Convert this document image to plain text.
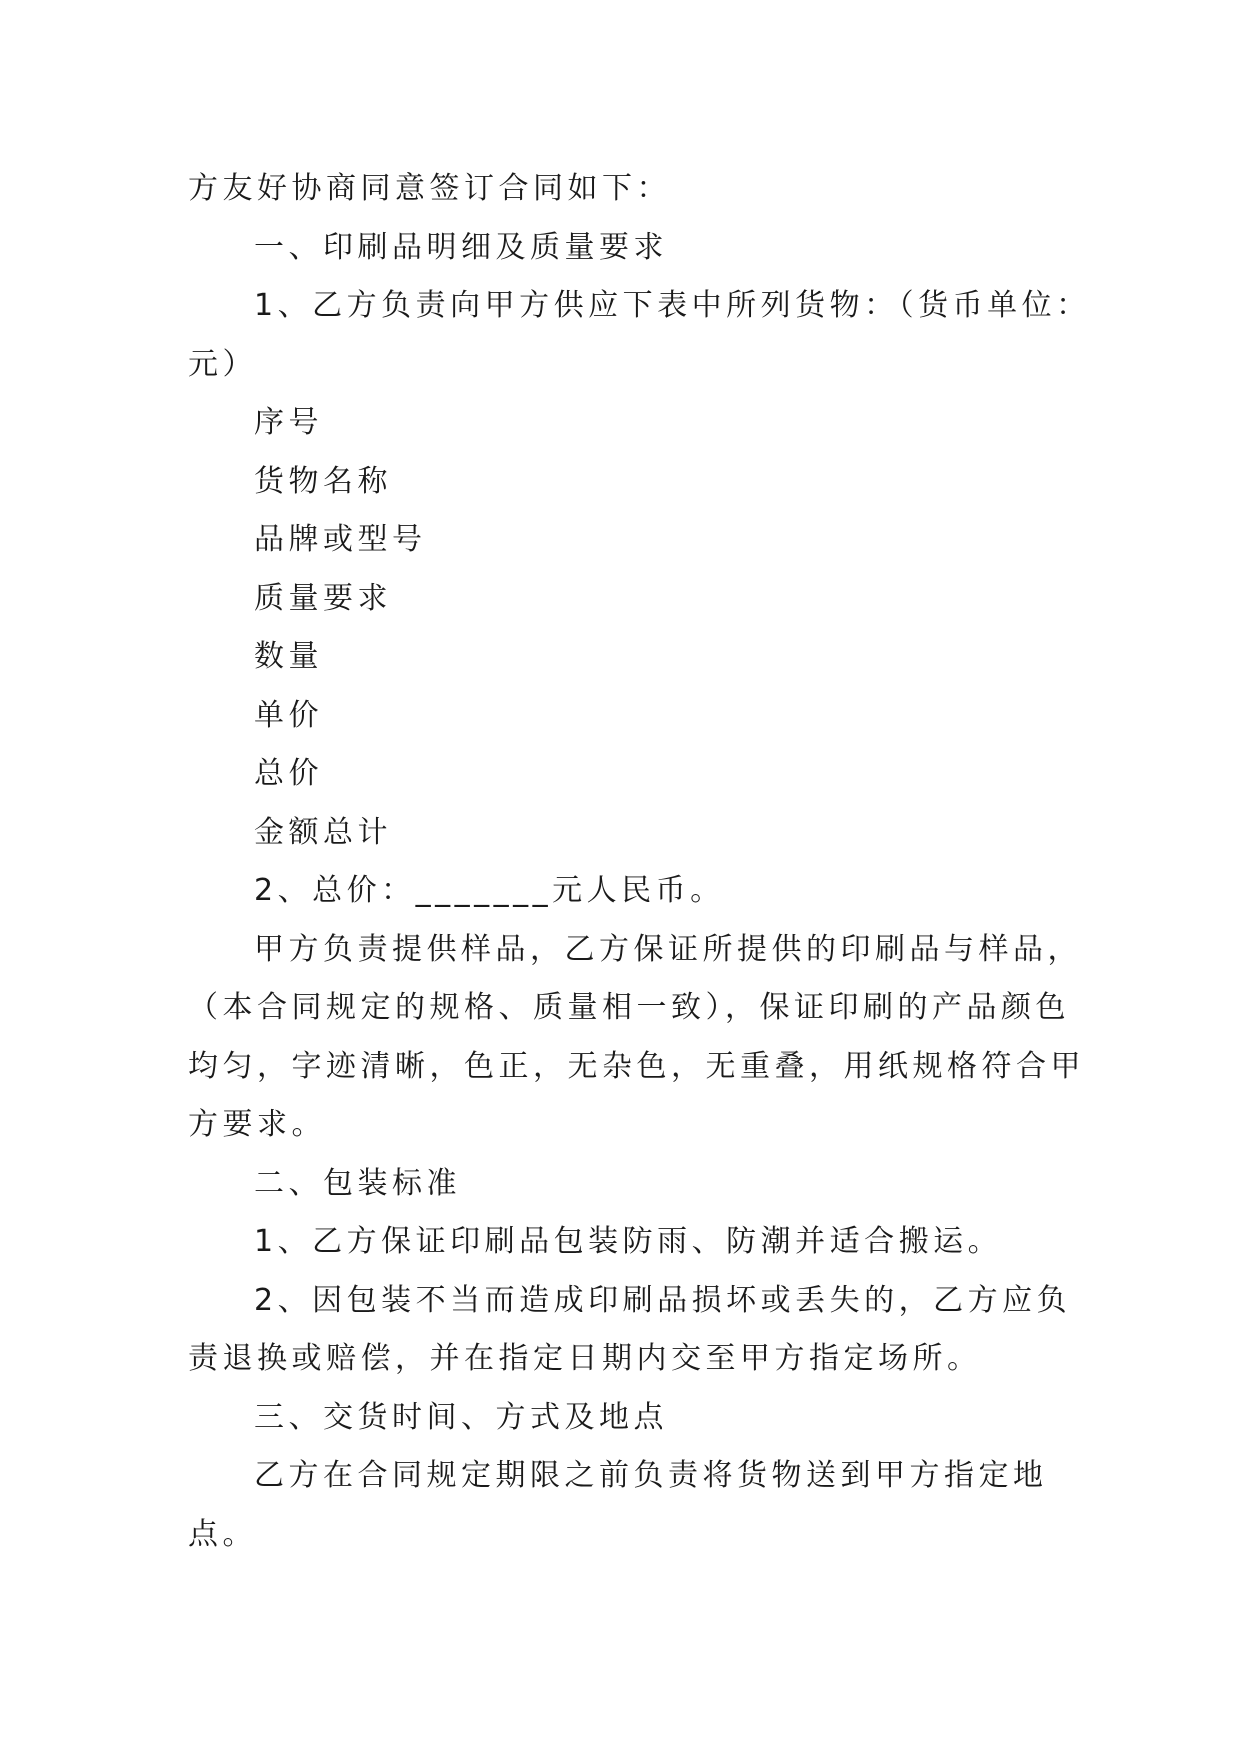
方友好协商同意签订合同如下：

一、印刷品明细及质量要求

1、乙方负责向甲方供应下表中所列货物：（货币单位：

元）

序号

货物名称

品牌或型号

质量要求

数量

单价

总价

金额总计

2、总价：_______元人民币。

甲方负责提供样品，乙方保证所提供的印刷品与样品，

（本合同规定的规格、质量相一致），保证印刷的产品颜色

均匀，字迹清晰，色正，无杂色，无重叠，用纸规格符合甲

方要求。

二、包装标准

1、乙方保证印刷品包装防雨、防潮并适合搬运。

2、因包装不当而造成印刷品损坏或丢失的，乙方应负

责退换或赔偿，并在指定日期内交至甲方指定场所。

三、交货时间、方式及地点

乙方在合同规定期限之前负责将货物送到甲方指定地

点。
